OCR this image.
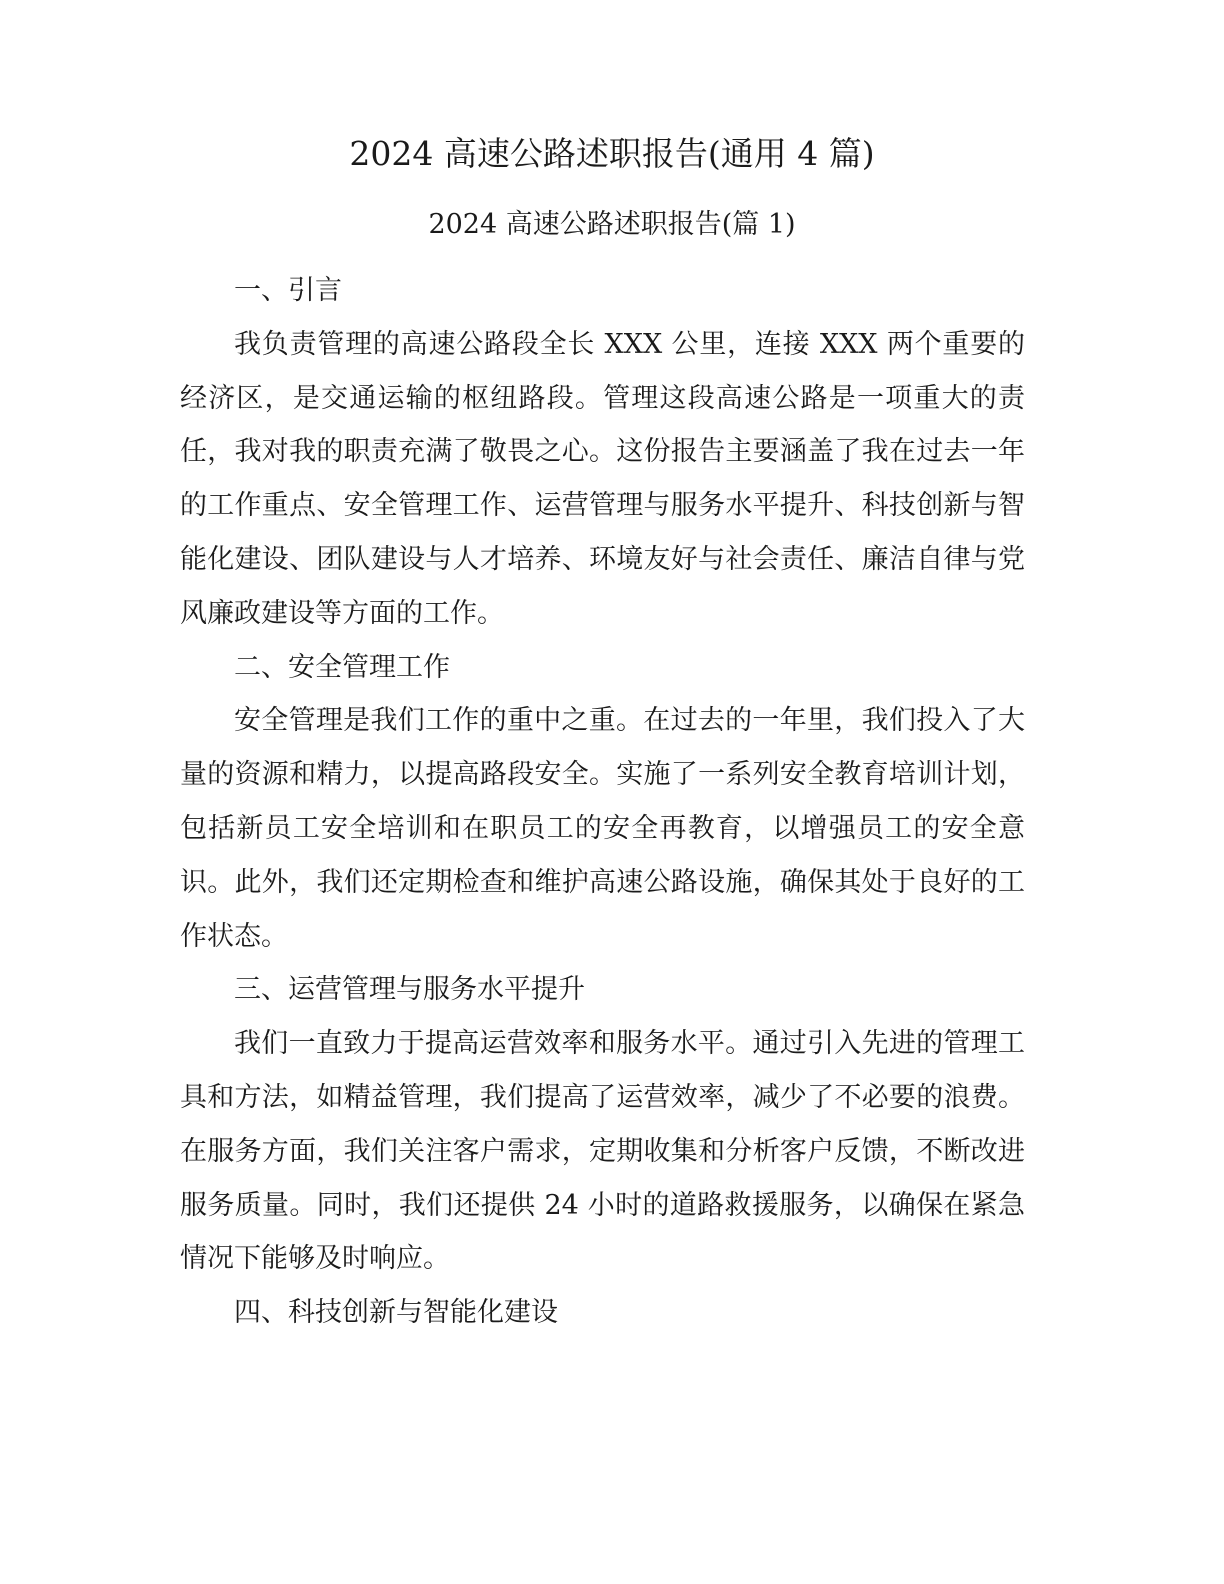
2024 高速公路述职报告(通用 4 篇)
2024 高速公路述职报告(篇 1)

一、引言

我负责管理的高速公路段全长 XXX 公里，连接 XXX 两个重要的经济区，是交通运输的枢纽路段。管理这段高速公路是一项重大的责任，我对我的职责充满了敬畏之心。这份报告主要涵盖了我在过去一年的工作重点、安全管理工作、运营管理与服务水平提升、科技创新与智能化建设、团队建设与人才培养、环境友好与社会责任、廉洁自律与党风廉政建设等方面的工作。

二、安全管理工作

安全管理是我们工作的重中之重。在过去的一年里，我们投入了大量的资源和精力，以提高路段安全。实施了一系列安全教育培训计划，包括新员工安全培训和在职员工的安全再教育，以增强员工的安全意识。此外，我们还定期检查和维护高速公路设施，确保其处于良好的工作状态。

三、运营管理与服务水平提升

我们一直致力于提高运营效率和服务水平。通过引入先进的管理工具和方法，如精益管理，我们提高了运营效率，减少了不必要的浪费。在服务方面，我们关注客户需求，定期收集和分析客户反馈，不断改进服务质量。同时，我们还提供 24 小时的道路救援服务，以确保在紧急情况下能够及时响应。

四、科技创新与智能化建设
